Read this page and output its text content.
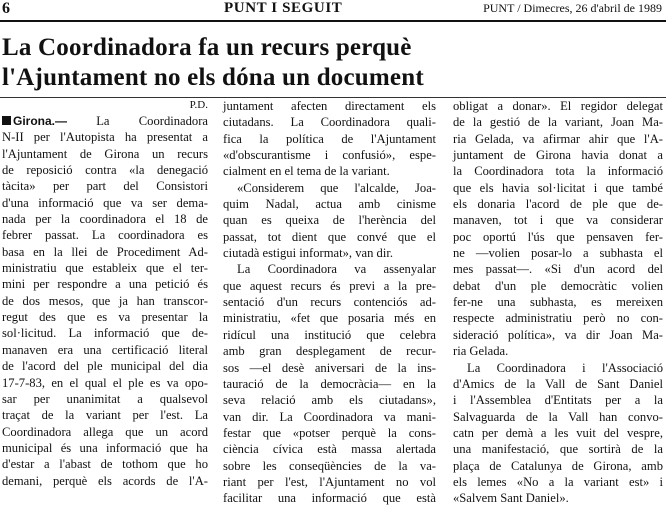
6	PUNT I SEGUIT	PUNT / Dimecres, 26 d'abril de 1989
La Coordinadora fa un recurs perquè
l'Ajuntament no els dóna un document
P.D.
Girona.— La Coordinadora
N-II per l'Autopista ha presentat a
l'Ajuntament de Girona un recurs
de reposició contra «la denegació
tàcita» per part del Consistori
d'una informació que va ser dema-
nada per la coordinadora el 18 de
febrer passat. La coordinadora es
basa en la llei de Procediment Ad-
ministratiu que estableix que el ter-
mini per respondre a una petició és
de dos mesos, que ja han transcor-
regut des que es va presentar la
sol·licitud. La informació que de-
manaven era una certificació literal
de l'acord del ple municipal del dia
17-7-83, en el qual el ple es va opo-
sar per unanimitat a qualsevol
traçat de la variant per l'est. La
Coordinadora allega que un acord
municipal és una informació que ha
d'estar a l'abast de tothom que ho
demani, perquè els acords de l'A-
juntament afecten directament els
ciutadans. La Coordinadora quali-
fica la política de l'Ajuntament
«d'obscurantisme i confusió», espe-
cialment en el tema de la variant.
«Considerem que l'alcalde, Joa-
quim Nadal, actua amb cinisme
quan es queixa de l'herència del
passat, tot dient que convé que el
ciutadà estigui informat», van dir.
La Coordinadora va assenyalar
que aquest recurs és previ a la pre-
sentació d'un recurs contenciós ad-
ministratiu, «fet que posaria més en
ridícul una institució que celebra
amb gran desplegament de recur-
sos —el desè aniversari de la ins-
tauració de la democràcia— en la
seva relació amb els ciutadans»,
van dir. La Coordinadora va mani-
festar que «potser perquè la cons-
ciència cívica està massa alertada
sobre les conseqüències de la va-
riant per l'est, l'Ajuntament no vol
facilitar una informació que està
obligat a donar». El regidor delegat
de la gestió de la variant, Joan Ma-
ria Gelada, va afirmar ahir que l'A-
juntament de Girona havia donat a
la Coordinadora tota la informació
que els havia sol·licitat i que també
els donaria l'acord de ple que de-
manaven, tot i que va considerar
poc oportú l'ús que pensaven fer-
ne —volien posar-lo a subhasta el
mes passat—. «Si d'un acord del
debat d'un ple democràtic volien
fer-ne una subhasta, es mereixen
respecte administratiu però no con-
sideració política», va dir Joan Ma-
ria Gelada.
La Coordinadora i l'Associació
d'Amics de la Vall de Sant Daniel
i l'Assemblea d'Entitats per a la
Salvaguarda de la Vall han convo-
catn per demà a les vuit del vespre,
una manifestació, que sortirà de la
plaça de Catalunya de Girona, amb
els lemes «No a la variant est» i
«Salvem Sant Daniel».
